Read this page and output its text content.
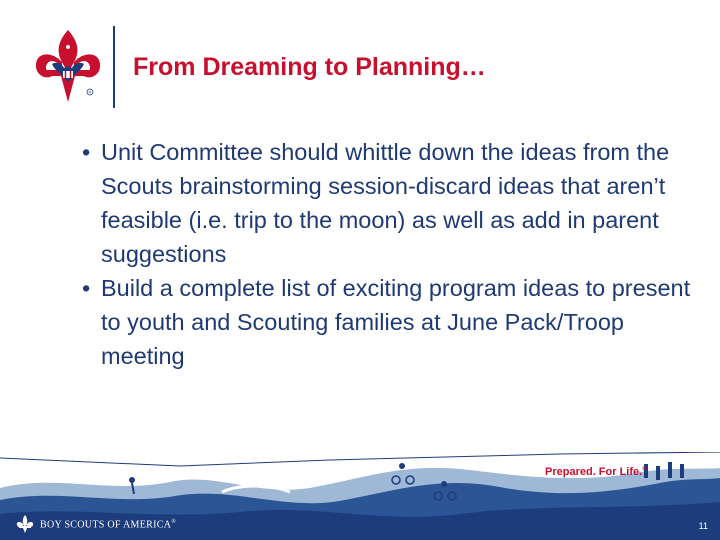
R
From Dreaming to Planning…
• Unit Committee should whittle down the ideas from the Scouts brainstorming session-discard ideas that aren’t feasible (i.e. trip to the moon) as well as add in parent suggestions
• Build a complete list of exciting program ideas to present to youth and Scouting families at June Pack/Troop meeting
Prepared. For Life.®
BOY SCOUTS OF AMERICA®	11
